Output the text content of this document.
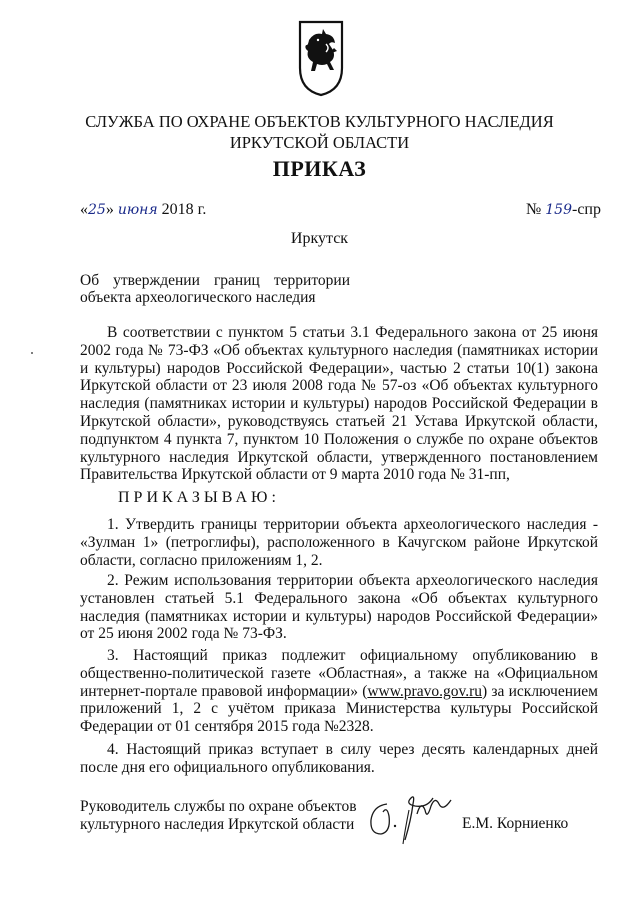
СЛУЖБА ПО ОХРАНЕ ОБЪЕКТОВ КУЛЬТУРНОГО НАСЛЕДИЯ
ИРКУТСКОЙ ОБЛАСТИ
ПРИКАЗ
«25» июня 2018 г.	№ 159-спр
Иркутск
Об утверждении границ территории
объекта археологического наследия

В соответствии с пунктом 5 статьи 3.1 Федерального закона от 25 июня 2002 года № 73-ФЗ «Об объектах культурного наследия (памятниках истории и культуры) народов Российской Федерации», частью 2 статьи 10(1) закона Иркутской области от 23 июля 2008 года № 57-оз «Об объектах культурного наследия (памятниках истории и культуры) народов Российской Федерации в Иркутской области», руководствуясь статьей 21 Устава Иркутской области, подпунктом 4 пункта 7, пунктом 10 Положения о службе по охране объектов культурного наследия Иркутской области, утвержденного постановлением Правительства Иркутской области от 9 марта 2010 года № 31-пп,

ПРИКАЗЫВАЮ:

1. Утвердить границы территории объекта археологического наследия - «Зулман 1» (петроглифы), расположенного в Качугском районе Иркутской области, согласно приложениям 1, 2.

2. Режим использования территории объекта археологического наследия установлен статьей 5.1 Федерального закона «Об объектах культурного наследия (памятниках истории и культуры) народов Российской Федерации» от 25 июня 2002 года № 73-ФЗ.

3. Настоящий приказ подлежит официальному опубликованию в общественно-политической газете «Областная», а также на «Официальном интернет-портале правовой информации» (www.pravo.gov.ru) за исключением приложений 1, 2 с учётом приказа Министерства культуры Российской Федерации от 01 сентября 2015 года №2328.

4. Настоящий приказ вступает в силу через десять календарных дней после дня его официального опубликования.

Руководитель службы по охране объектов
культурного наследия Иркутской области	Е.М. Корниенко
